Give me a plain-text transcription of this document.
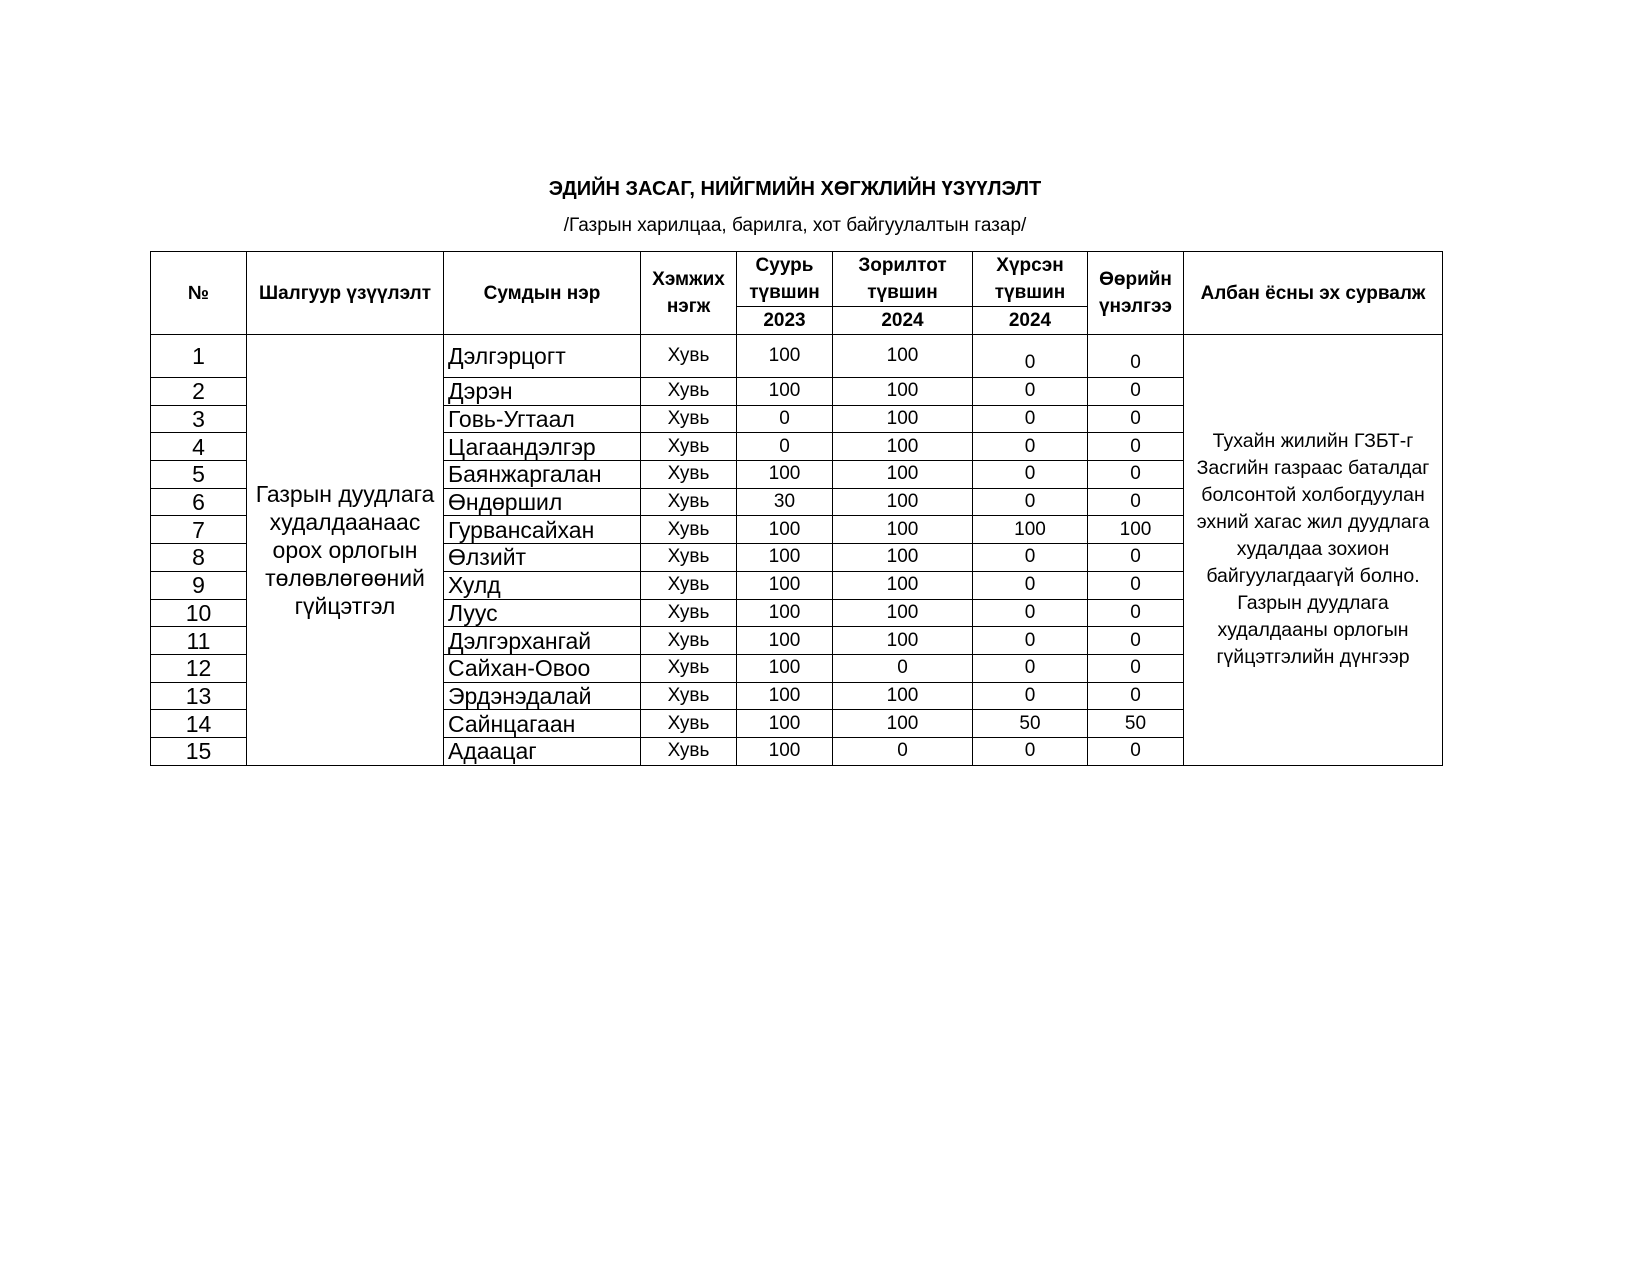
ЭДИЙН ЗАСАГ, НИЙГМИЙН ХӨГЖЛИЙН ҮЗҮҮЛЭЛТ
/Газрын харилцаа, барилга, хот байгуулалтын газар/
№	Шалгуур үзүүлэлт	Сумдын нэр	Хэмжих нэгж	Суурь түвшин	Зорилтот түвшин	Хүрсэн түвшин	Өөрийн үнэлгээ	Албан ёсны эх сурвалж
				2023	2024	2024		
1	Газрын дуудлага худалдаанаас орох орлогын төлөвлөгөөний гүйцэтгэл	Дэлгэрцогт	Хувь	100	100	0	0	Тухайн жилийн ГЗБТ-г Засгийн газраас баталдаг болсонтой холбогдуулан эхний хагас жил дуудлага худалдаа зохион байгуулагдаагүй болно. Газрын дуудлага худалдааны орлогын гүйцэтгэлийн дүнгээр
2		Дэрэн	Хувь	100	100	0	0	
3		Говь-Угтаал	Хувь	0	100	0	0	
4		Цагаандэлгэр	Хувь	0	100	0	0	
5		Баянжаргалан	Хувь	100	100	0	0	
6		Өндөршил	Хувь	30	100	0	0	
7		Гурвансайхан	Хувь	100	100	100	100	
8		Өлзийт	Хувь	100	100	0	0	
9		Хулд	Хувь	100	100	0	0	
10		Луус	Хувь	100	100	0	0	
11		Дэлгэрхангай	Хувь	100	100	0	0	
12		Сайхан-Овоо	Хувь	100	0	0	0	
13		Эрдэнэдалай	Хувь	100	100	0	0	
14		Сайнцагаан	Хувь	100	100	50	50	
15		Адаацаг	Хувь	100	0	0	0	
